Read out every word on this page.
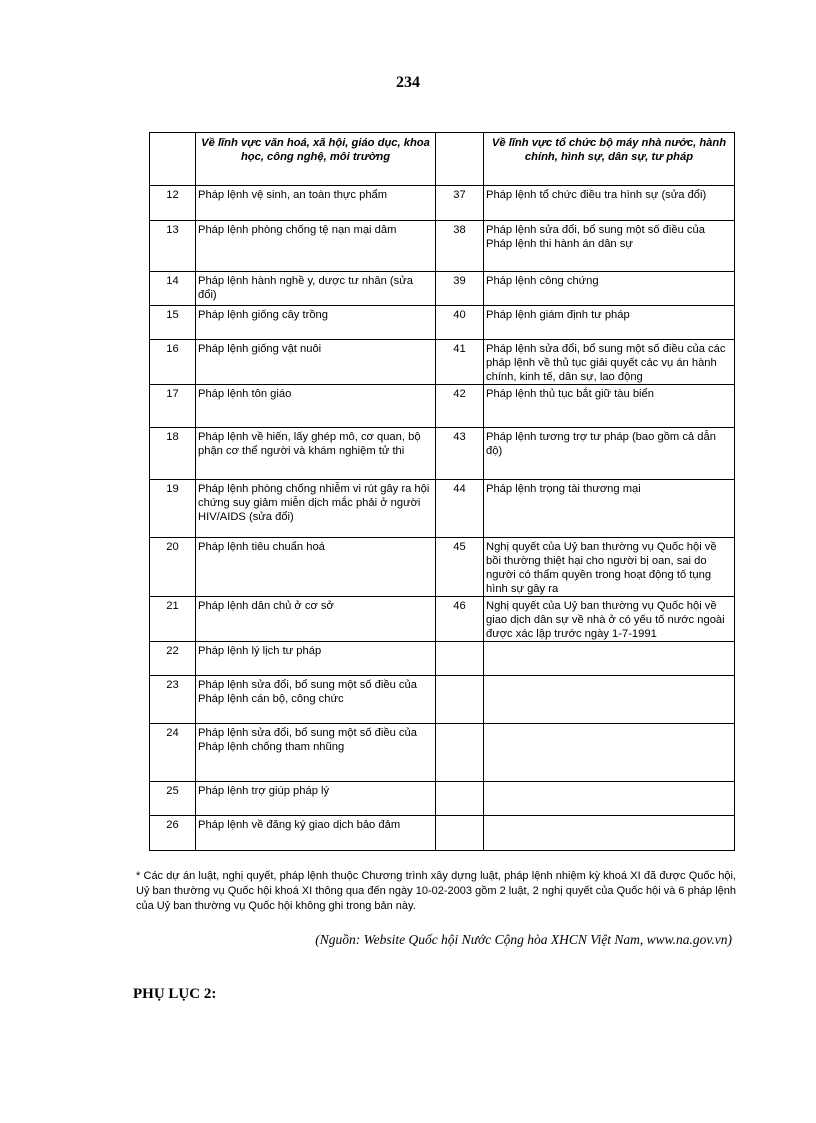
234
	Về lĩnh vực văn hoá, xã hội, giáo dục, khoa học, công nghệ, môi trường		Về lĩnh vực tổ chức bộ máy nhà nước, hành chính, hình sự, dân sự, tư pháp
12	Pháp lệnh vệ sinh, an toàn thực phẩm	37	Pháp lệnh tổ chức điều tra hình sự (sửa đổi)
13	Pháp lệnh phòng chống tệ nạn mại dâm	38	Pháp lệnh sửa đổi, bổ sung một số điều của Pháp lệnh thi hành án dân sự
14	Pháp lệnh hành nghề y, dược tư nhân (sửa đổi)	39	Pháp lệnh công chứng
15	Pháp lệnh giống cây trồng	40	Pháp lệnh giám định tư pháp
16	Pháp lệnh giống vật nuôi	41	Pháp lệnh sửa đổi, bổ sung một số điều của các pháp lệnh về thủ tục giải quyết các vụ án hành chính, kinh tế, dân sự, lao động
17	Pháp lệnh tôn giáo	42	Pháp lệnh thủ tục bắt giữ tàu biển
18	Pháp lệnh về hiến, lấy ghép mô, cơ quan, bộ phận cơ thể người và khám nghiệm tử thi	43	Pháp lệnh tương trợ tư pháp (bao gồm cả dẫn độ)
19	Pháp lệnh phòng chống nhiễm vi rút gây ra hội chứng suy giảm miễn dịch mắc phải ở người HIV/AIDS (sửa đổi)	44	Pháp lệnh trọng tài thương mại
20	Pháp lệnh tiêu chuẩn hoá	45	Nghị quyết của Uỷ ban thường vụ Quốc hội về bồi thường thiệt hại cho người bị oan, sai do người có thẩm quyền trong hoạt động tố tụng hình sự gây ra
21	Pháp lệnh dân chủ ở cơ sở	46	Nghị quyết của Uỷ ban thường vụ Quốc hội về giao dịch dân sự về nhà ở có yếu tố nước ngoài được xác lập trước ngày 1-7-1991
22	Pháp lệnh lý lịch tư pháp		
23	Pháp lệnh sửa đổi, bổ sung một số điều của Pháp lệnh cán bộ, công chức		
24	Pháp lệnh sửa đổi, bổ sung một số điều của Pháp lệnh chống tham nhũng		
25	Pháp lệnh trợ giúp pháp lý		
26	Pháp lệnh về đăng ký giao dịch bảo đảm		
* Các dự án luật, nghị quyết, pháp lệnh thuộc Chương trình xây dựng luật, pháp lệnh nhiệm kỳ khoá XI đã được Quốc hội, Uỷ ban thường vụ Quốc hội khoá XI thông qua đến ngày 10-02-2003 gồm 2 luật, 2 nghị quyết của Quốc hội và 6 pháp lệnh của Uỷ ban thường vụ Quốc hội không ghi trong bản này.
(Nguồn: Website Quốc hội Nước Cộng hòa XHCN Việt Nam, www.na.gov.vn)
PHỤ LỤC 2:
